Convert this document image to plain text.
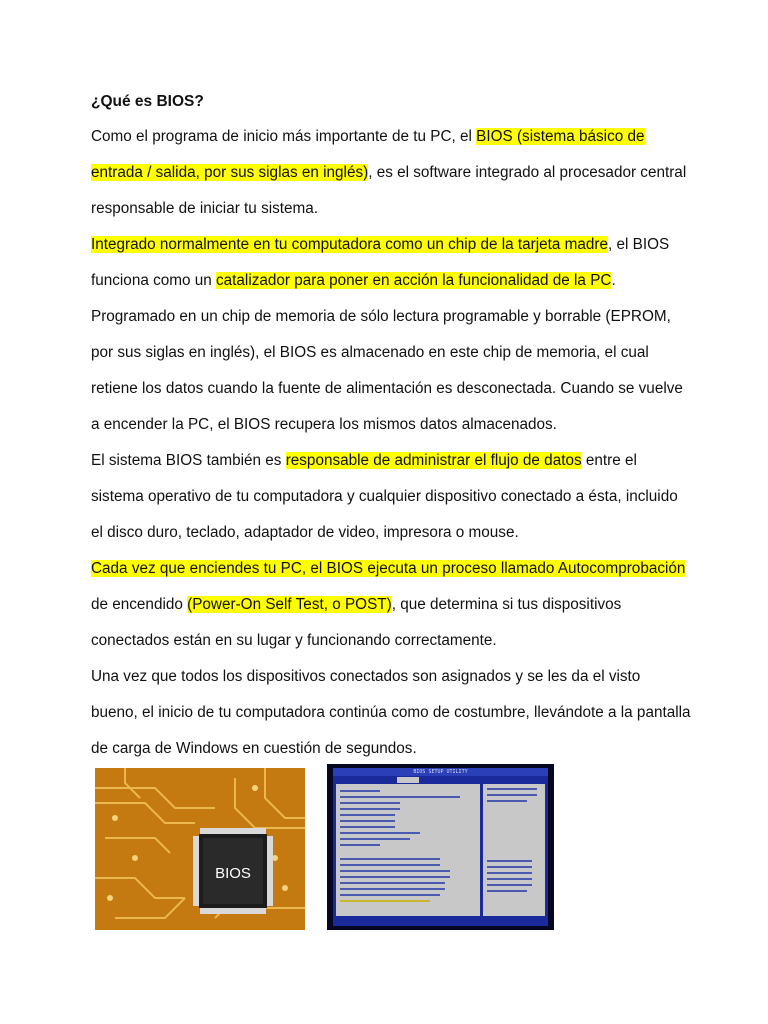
¿Qué es BIOS?

Como el programa de inicio más importante de tu PC, el BIOS (sistema básico de entrada / salida, por sus siglas en inglés), es el software integrado al procesador central responsable de iniciar tu sistema.

Integrado normalmente en tu computadora como un chip de la tarjeta madre, el BIOS funciona como un catalizador para poner en acción la funcionalidad de la PC.

Programado en un chip de memoria de sólo lectura programable y borrable (EPROM, por sus siglas en inglés), el BIOS es almacenado en este chip de memoria, el cual retiene los datos cuando la fuente de alimentación es desconectada. Cuando se vuelve a encender la PC, el BIOS recupera los mismos datos almacenados.

El sistema BIOS también es responsable de administrar el flujo de datos entre el sistema operativo de tu computadora y cualquier dispositivo conectado a ésta, incluido el disco duro, teclado, adaptador de video, impresora o mouse.

Cada vez que enciendes tu PC, el BIOS ejecuta un proceso llamado Autocomprobación de encendido (Power-On Self Test, o POST), que determina si tus dispositivos conectados están en su lugar y funcionando correctamente.

Una vez que todos los dispositivos conectados son asignados y se les da el visto bueno, el inicio de tu computadora continúa como de costumbre, llevándote a la pantalla de carga de Windows en cuestión de segundos.

BIOS
BIOS SETUP UTILITY
